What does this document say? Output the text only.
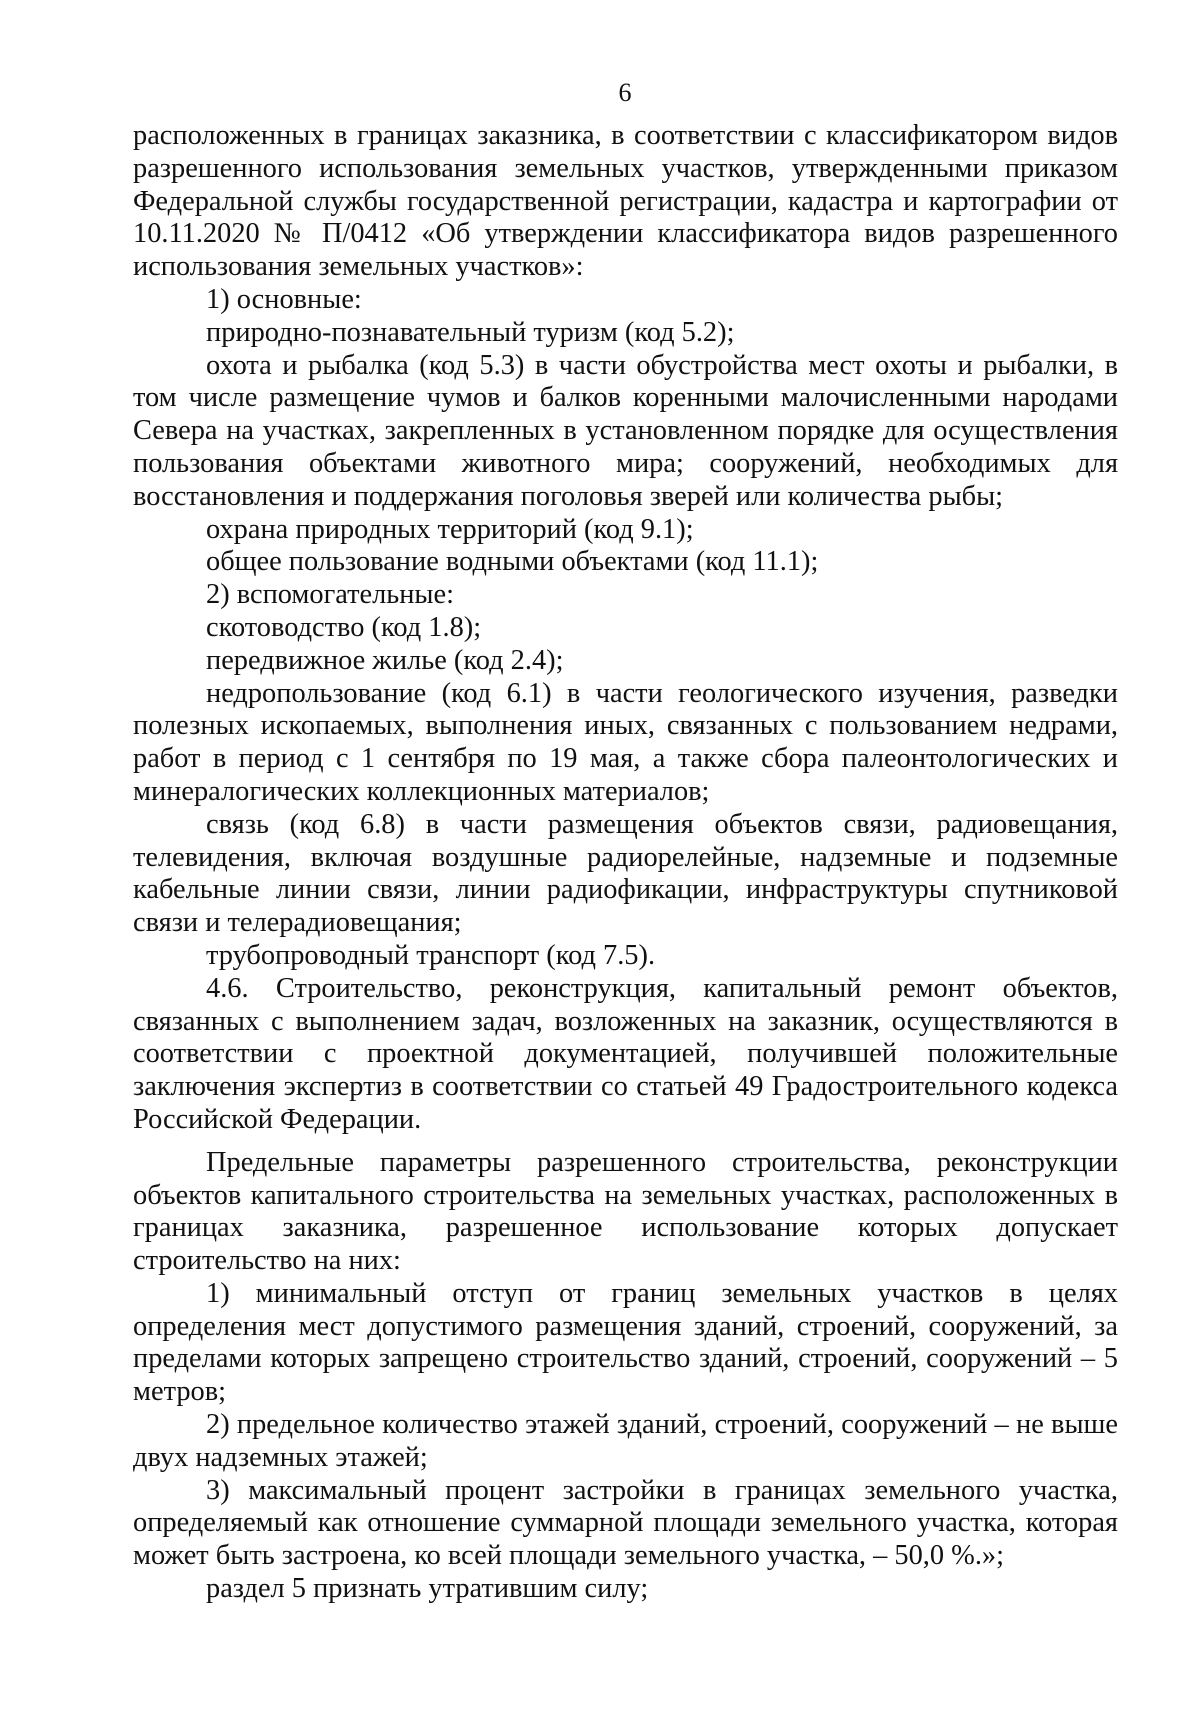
6

расположенных в границах заказника, в соответствии с классификатором видов разрешенного использования земельных участков, утвержденными приказом Федеральной службы государственной регистрации, кадастра и картографии от 10.11.2020 № П/0412 «Об утверждении классификатора видов разрешенного использования земельных участков»:

1) основные:

природно-познавательный туризм (код 5.2);

охота и рыбалка (код 5.3) в части обустройства мест охоты и рыбалки, в том числе размещение чумов и балков коренными малочисленными народами Севера на участках, закрепленных в установленном порядке для осуществления пользования объектами животного мира; сооружений, необходимых для восстановления и поддержания поголовья зверей или количества рыбы;

охрана природных территорий (код 9.1);

общее пользование водными объектами (код 11.1);

2) вспомогательные:

скотоводство (код 1.8);

передвижное жилье (код 2.4);

недропользование (код 6.1) в части геологического изучения, разведки полезных ископаемых, выполнения иных, связанных с пользованием недрами, работ в период с 1 сентября по 19 мая, а также сбора палеонтологических и минералогических коллекционных материалов;

связь (код 6.8) в части размещения объектов связи, радиовещания, телевидения, включая воздушные радиорелейные, надземные и подземные кабельные линии связи, линии радиофикации, инфраструктуры спутниковой связи и телерадиовещания;

трубопроводный транспорт (код 7.5).

4.6. Строительство, реконструкция, капитальный ремонт объектов, связанных с выполнением задач, возложенных на заказник, осуществляются в соответствии с проектной документацией, получившей положительные заключения экспертиз в соответствии со статьей 49 Градостроительного кодекса Российской Федерации.

Предельные параметры разрешенного строительства, реконструкции объектов капитального строительства на земельных участках, расположенных в границах заказника, разрешенное использование которых допускает строительство на них:

1) минимальный отступ от границ земельных участков в целях определения мест допустимого размещения зданий, строений, сооружений, за пределами которых запрещено строительство зданий, строений, сооружений – 5 метров;

2) предельное количество этажей зданий, строений, сооружений – не выше двух надземных этажей;

3) максимальный процент застройки в границах земельного участка, определяемый как отношение суммарной площади земельного участка, которая может быть застроена, ко всей площади земельного участка, – 50,0 %.»;

раздел 5 признать утратившим силу;
